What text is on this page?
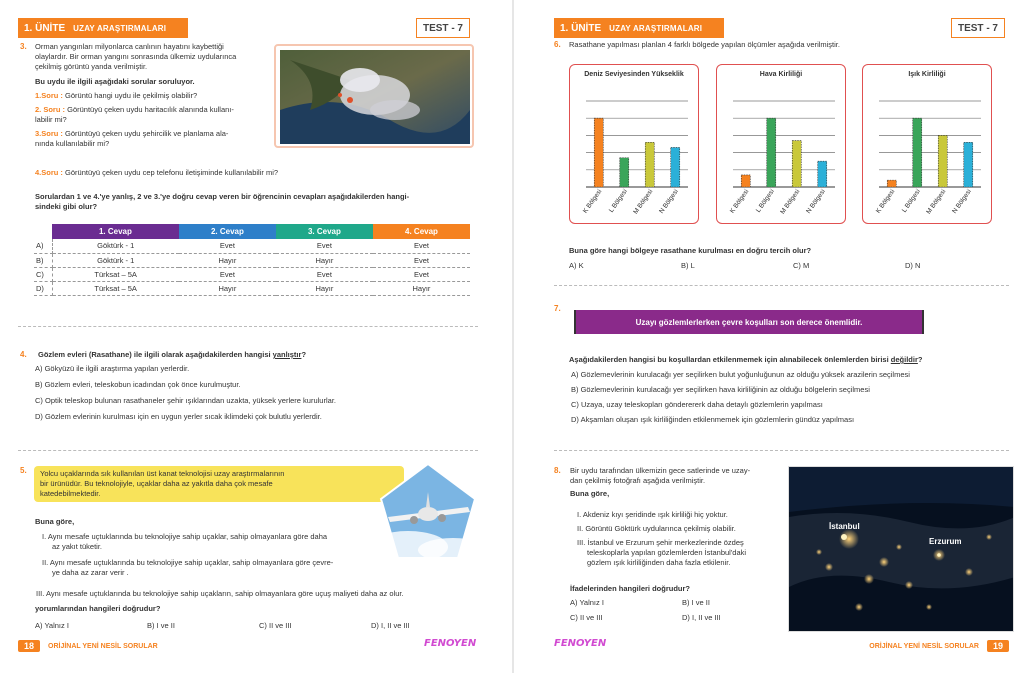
1. ÜNİTE UZAY ARAŞTIRMALARI	TEST - 7
3. Orman yangınları milyonlarca canlının hayatını kaybettiği
olaylardır. Bir orman yangını sonrasında ülkemiz uydularınca
çekilmiş görüntü yanda verilmiştir.
Bu uydu ile ilgili aşağıdaki sorular soruluyor.
1.Soru : Görüntü hangi uydu ile çekilmiş olabilir?
2. Soru : Görüntüyü çeken uydu haritacılık alanında kullanı-
labilir mi?
3.Soru : Görüntüyü çeken uydu şehircilik ve planlama ala-
nında kullanılabilir mi?
4.Soru : Görüntüyü çeken uydu cep telefonu iletişiminde kullanılabilir mi?
Sorulardan 1 ve 4.'ye yanlış, 2 ve 3.'ye doğru cevap veren bir öğrencinin cevapları aşağıdakilerden hangi-
sindeki gibi olur?
	1. Cevap	2. Cevap	3. Cevap	4. Cevap
A)	Göktürk - 1	Evet	Evet	Evet
B)	Göktürk - 1	Hayır	Hayır	Evet
C)	Türksat – 5A	Evet	Evet	Evet
D)	Türksat – 5A	Hayır	Hayır	Hayır
4. Gözlem evleri (Rasathane) ile ilgili olarak aşağıdakilerden hangisi yanlıştır?
A) Gökyüzü ile ilgili araştırma yapılan yerlerdir.
B) Gözlem evleri, teleskobun icadından çok önce kurulmuştur.
C) Optik teleskop bulunan rasathaneler şehir ışıklarından uzakta, yüksek yerlere kurulurlar.
D) Gözlem evlerinin kurulması için en uygun yerler sıcak iklimdeki çok bulutlu yerlerdir.
5. Yolcu uçaklarında sık kullanılan üst kanat teknolojisi uzay araştırmalarının
bir ürünüdür. Bu teknolojiyle, uçaklar daha az yakıtla daha çok mesafe
katedebilmektedir.
Buna göre,
I. Aynı mesafe uçtuklarında bu teknolojiye sahip uçaklar, sahip olmayanlara göre daha
az yakıt tüketir.
II. Aynı mesafe uçtuklarında bu teknolojiye sahip uçaklar, sahip olmayanlara göre çevre-
ye daha az zarar verir .
III. Aynı mesafe uçtuklarında bu teknolojiye sahip uçakların, sahip olmayanlara göre uçuş maliyeti daha az olur.
yorumlarından hangileri doğrudur?
A) Yalnız I	B) I ve II	C) II ve III	D) I, II ve III
18	ORİJİNAL YENİ NESİL SORULAR	FENOYEN
1. ÜNİTE UZAY ARAŞTIRMALARI	TEST - 7
6. Rasathane yapılması planlan 4 farklı bölgede yapılan ölçümler aşağıda verilmiştir.
Deniz Seviyesinden Yükseklik
K Bölgesi L Bölgesi M Bölgesi N Bölgesi
Hava Kirliliği
K Bölgesi L Bölgesi M Bölgesi N Bölgesi
Işık Kirliliği
K Bölgesi L Bölgesi M Bölgesi N Bölgesi
Buna göre hangi bölgeye rasathane kurulması en doğru tercih olur?
A) K	B) L	C) M	D) N
7.
Uzayı gözlemlerlerken çevre koşulları son derece önemlidir.
Aşağıdakilerden hangisi bu koşullardan etkilenmemek için alınabilecek önlemlerden birisi değildir?
A) Gözlemevlerinin kurulacağı yer seçilirken bulut yoğunluğunun az olduğu yüksek arazilerin seçilmesi
B) Gözlemevlerinin kurulacağı yer seçilirken hava kirliliğinin az olduğu bölgelerin seçilmesi
C) Uzaya, uzay teleskopları gönderererk daha detaylı gözlemlerin yapılması
D) Akşamları oluşan ışık kirliliğinden etkilenmemek için gözlemlerin gündüz yapılması
8. Bir uydu tarafından ülkemizin gece satlerinde ve uzay-
dan çekilmiş fotoğrafı aşağıda verilmiştir.
Buna göre,
I. Akdeniz kıyı şeridinde ışık kirliliği hiç yoktur.
II. Görüntü Göktürk uydularınca çekilmiş olabilir.
III. İstanbul ve Erzurum şehir merkezlerinde özdeş
teleskoplarla yapılan gözlemlerden İstanbul'daki
gözlem ışık kirliliğinden daha fazla etkilenir.
İfadelerinden hangileri doğrudur?
A) Yalnız I	B) I ve II
C) II ve III	D) I, II ve III
İstanbul
Erzurum
ORİJİNAL YENİ NESİL SORULAR	19
FENOYEN
